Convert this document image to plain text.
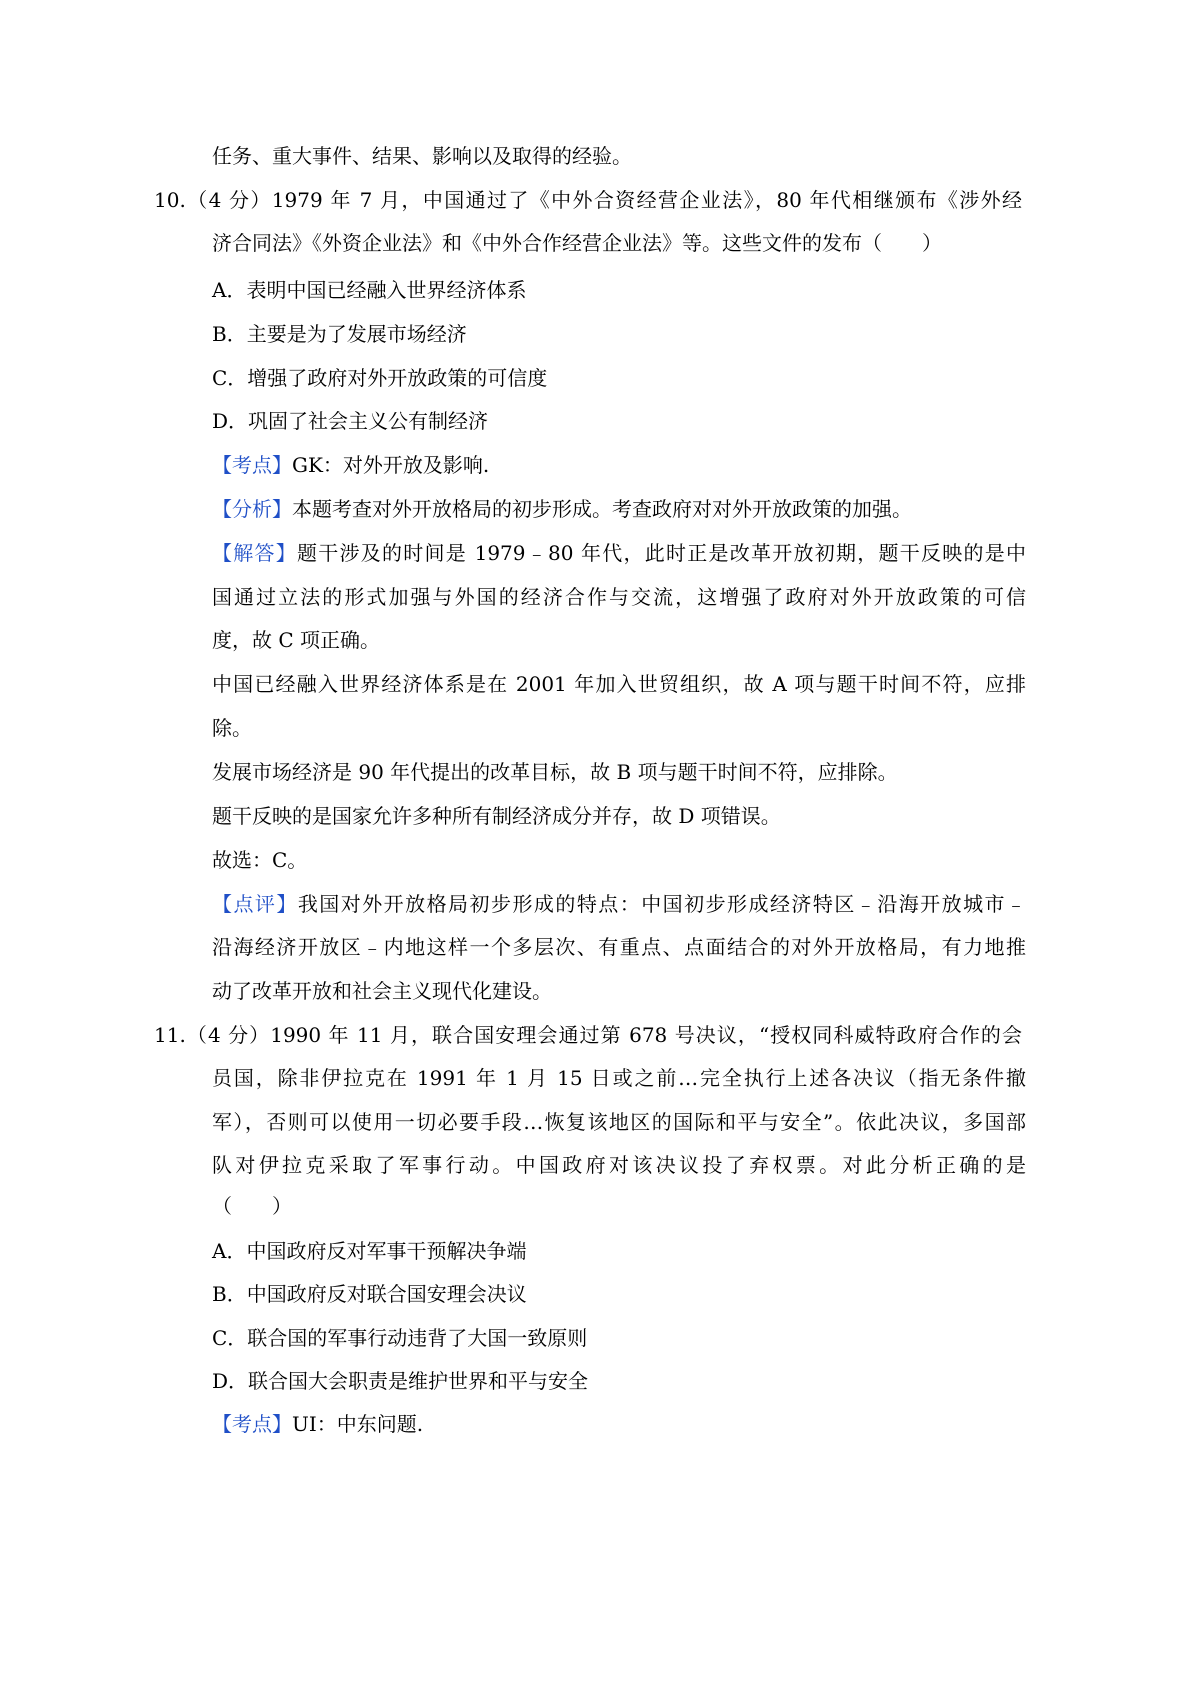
任务、重大事件、结果、影响以及取得的经验。
10.（4 分）1979 年 7 月，中国通过了《中外合资经营企业法》，80 年代相继颁布《涉外经
济合同法》《外资企业法》和《中外合作经营企业法》等。这些文件的发布（　　）
A．表明中国已经融入世界经济体系
B．主要是为了发展市场经济
C．增强了政府对外开放政策的可信度
D．巩固了社会主义公有制经济
【考点】GK：对外开放及影响.
【分析】本题考查对外开放格局的初步形成。考查政府对对外开放政策的加强。
【解答】题干涉及的时间是 1979﹣80 年代，此时正是改革开放初期，题干反映的是中
国通过立法的形式加强与外国的经济合作与交流，这增强了政府对外开放政策的可信
度，故 C 项正确。
中国已经融入世界经济体系是在 2001 年加入世贸组织，故 A 项与题干时间不符，应排
除。
发展市场经济是 90 年代提出的改革目标，故 B 项与题干时间不符，应排除。
题干反映的是国家允许多种所有制经济成分并存，故 D 项错误。
故选：C。
【点评】我国对外开放格局初步形成的特点：中国初步形成经济特区﹣沿海开放城市﹣
沿海经济开放区﹣内地这样一个多层次、有重点、点面结合的对外开放格局，有力地推
动了改革开放和社会主义现代化建设。
11.（4 分）1990 年 11 月，联合国安理会通过第 678 号决议，“授权同科威特政府合作的会
员国，除非伊拉克在 1991 年 1 月 15 日或之前…完全执行上述各决议（指无条件撤
军），否则可以使用一切必要手段…恢复该地区的国际和平与安全”。依此决议，多国部
队对伊拉克采取了军事行动。中国政府对该决议投了弃权票。对此分析正确的是
（　　）
A．中国政府反对军事干预解决争端
B．中国政府反对联合国安理会决议
C．联合国的军事行动违背了大国一致原则
D．联合国大会职责是维护世界和平与安全
【考点】UI：中东问题.
